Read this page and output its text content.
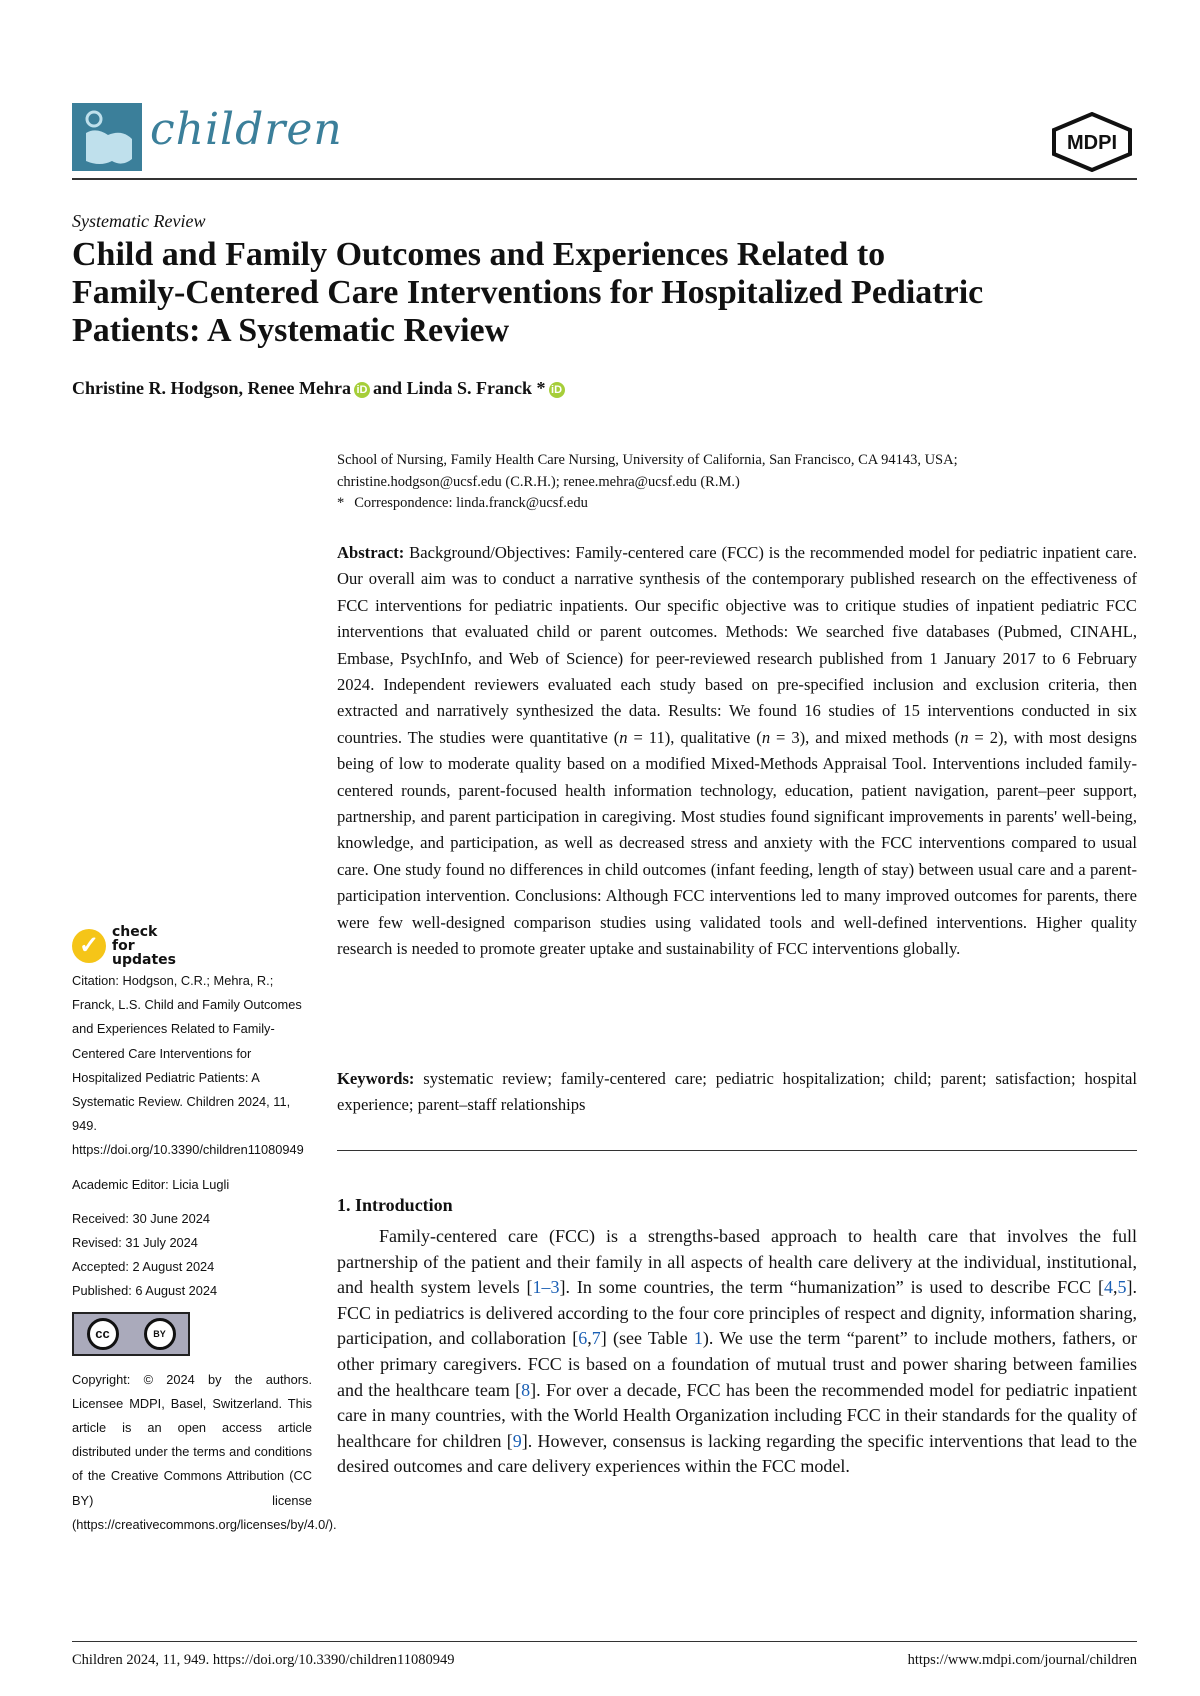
children	MDPI
Systematic Review
Child and Family Outcomes and Experiences Related to
Family-Centered Care Interventions for Hospitalized Pediatric
Patients: A Systematic Review
Christine R. Hodgson, Renee Mehra iD and Linda S. Franck * iD
School of Nursing, Family Health Care Nursing, University of California, San Francisco, CA 94143, USA;
christine.hodgson@ucsf.edu (C.R.H.); renee.mehra@ucsf.edu (R.M.)
* Correspondence: linda.franck@ucsf.edu
Abstract: Background/Objectives: Family-centered care (FCC) is the recommended model for pediatric inpatient care. Our overall aim was to conduct a narrative synthesis of the contemporary published research on the effectiveness of FCC interventions for pediatric inpatients. Our specific objective was to critique studies of inpatient pediatric FCC interventions that evaluated child or parent outcomes. Methods: We searched five databases (Pubmed, CINAHL, Embase, PsychInfo, and Web of Science) for peer-reviewed research published from 1 January 2017 to 6 February 2024. Independent reviewers evaluated each study based on pre-specified inclusion and exclusion criteria, then extracted and narratively synthesized the data. Results: We found 16 studies of 15 interventions conducted in six countries. The studies were quantitative (n = 11), qualitative (n = 3), and mixed methods (n = 2), with most designs being of low to moderate quality based on a modified Mixed-Methods Appraisal Tool. Interventions included family-centered rounds, parent-focused health information technology, education, patient navigation, parent–peer support, partnership, and parent participation in caregiving. Most studies found significant improvements in parents' well-being, knowledge, and participation, as well as decreased stress and anxiety with the FCC interventions compared to usual care. One study found no differences in child outcomes (infant feeding, length of stay) between usual care and a parent-participation intervention. Conclusions: Although FCC interventions led to many improved outcomes for parents, there were few well-designed comparison studies using validated tools and well-defined interventions. Higher quality research is needed to promote greater uptake and sustainability of FCC interventions globally.
Keywords: systematic review; family-centered care; pediatric hospitalization; child; parent; satisfaction; hospital experience; parent–staff relationships
1. Introduction
Family-centered care (FCC) is a strengths-based approach to health care that involves the full partnership of the patient and their family in all aspects of health care delivery at the individual, institutional, and health system levels [1–3]. In some countries, the term “humanization” is used to describe FCC [4,5]. FCC in pediatrics is delivered according to the four core principles of respect and dignity, information sharing, participation, and collaboration [6,7] (see Table 1). We use the term “parent” to include mothers, fathers, or other primary caregivers. FCC is based on a foundation of mutual trust and power sharing between families and the healthcare team [8]. For over a decade, FCC has been the recommended model for pediatric inpatient care in many countries, with the World Health Organization including FCC in their standards for the quality of healthcare for children [9]. However, consensus is lacking regarding the specific interventions that lead to the desired outcomes and care delivery experiences within the FCC model.
✓ check for updates

Citation: Hodgson, C.R.; Mehra, R.; Franck, L.S. Child and Family Outcomes and Experiences Related to Family-Centered Care Interventions for Hospitalized Pediatric Patients: A Systematic Review. Children 2024, 11, 949. https://doi.org/10.3390/children11080949

Academic Editor: Licia Lugli

Received: 30 June 2024
Revised: 31 July 2024
Accepted: 2 August 2024
Published: 6 August 2024
cc	BY

Copyright: © 2024 by the authors. Licensee MDPI, Basel, Switzerland. This article is an open access article distributed under the terms and conditions of the Creative Commons Attribution (CC BY) license (https://creativecommons.org/licenses/by/4.0/).

Children 2024, 11, 949. https://doi.org/10.3390/children11080949	https://www.mdpi.com/journal/children
